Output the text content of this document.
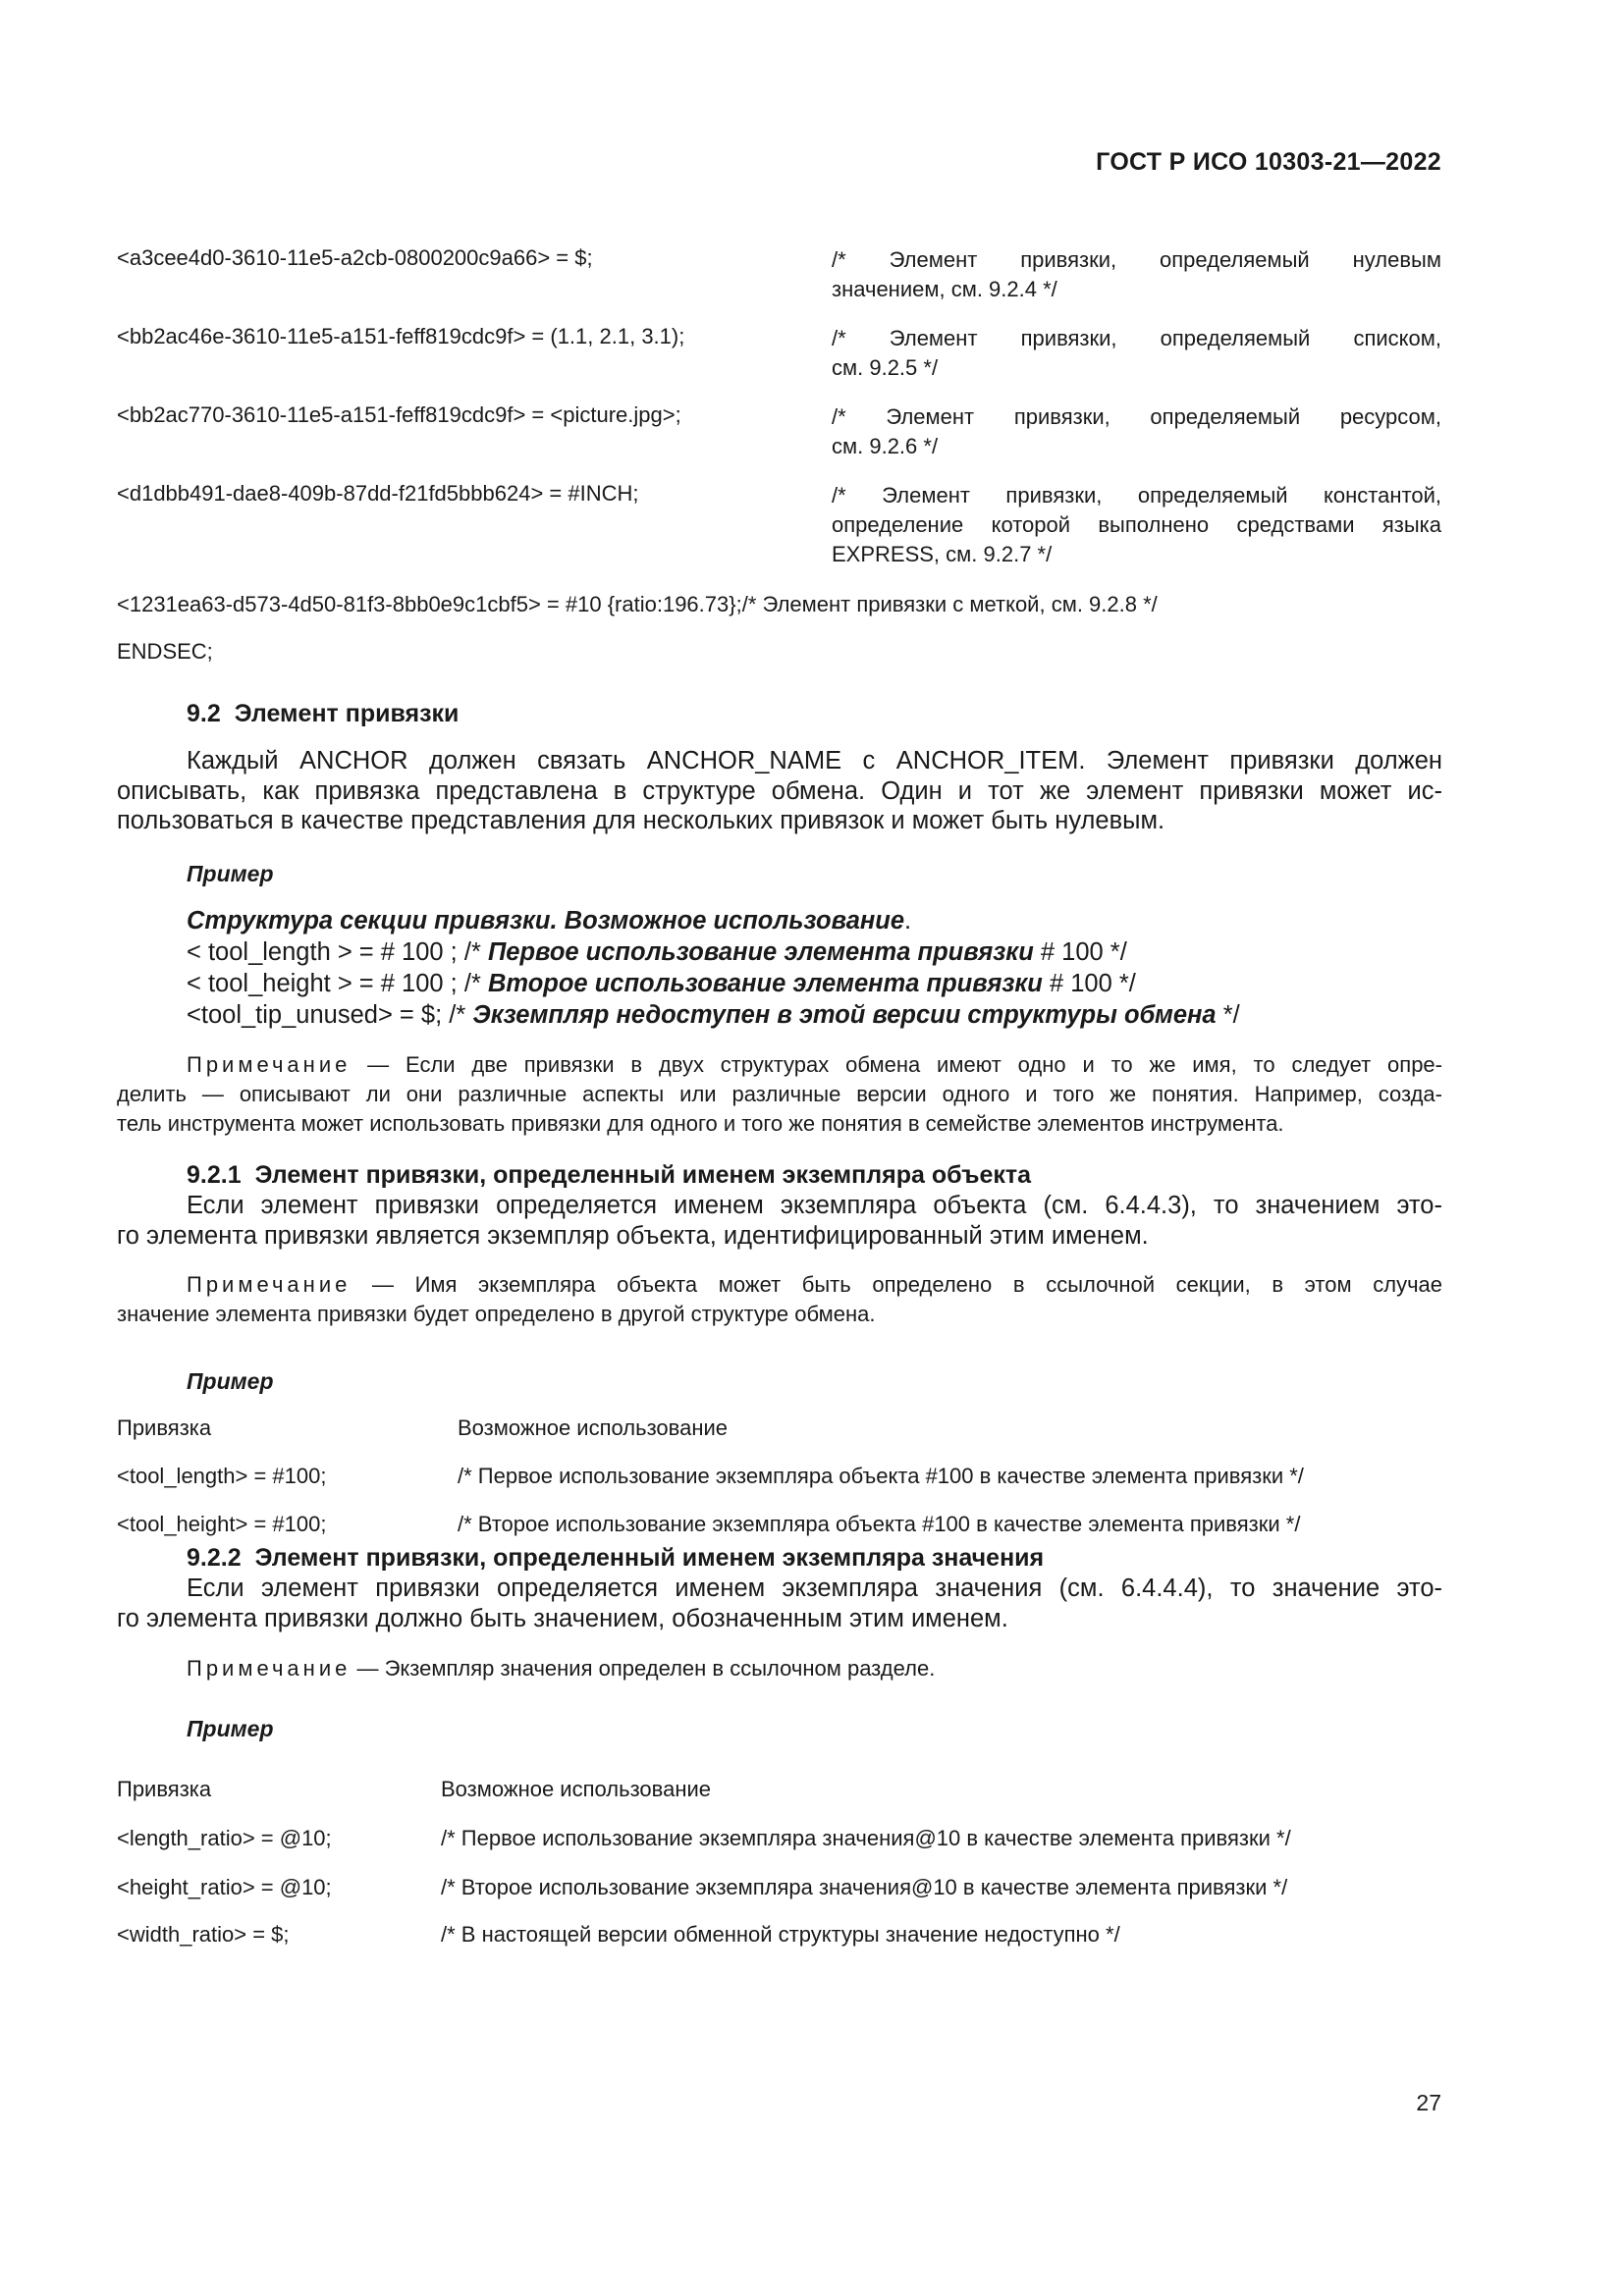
ГОСТ Р ИСО 10303-21—2022
<a3cee4d0-3610-11e5-a2cb-0800200c9a66> = $;	/* Элемент привязки, определяемый нулевым
значением, см. 9.2.4 */
<bb2ac46e-3610-11e5-a151-feff819cdc9f> = (1.1, 2.1, 3.1);	/* Элемент привязки, определяемый списком,
см. 9.2.5 */
<bb2ac770-3610-11e5-a151-feff819cdc9f> = <picture.jpg>;	/* Элемент привязки, определяемый ресурсом,
см. 9.2.6 */
<d1dbb491-dae8-409b-87dd-f21fd5bbb624> = #INCH;	/* Элемент привязки, определяемый константой,
определение которой выполнено средствами языка
EXPRESS, см. 9.2.7 */
<1231ea63-d573-4d50-81f3-8bb0e9c1cbf5> = #10 {ratio:196.73};/* Элемент привязки с меткой, см. 9.2.8 */
ENDSEC;
9.2 Элемент привязки
Каждый ANCHOR должен связать ANCHOR_NAME с ANCHOR_ITEM. Элемент привязки должен
описывать, как привязка представлена в структуре обмена. Один и тот же элемент привязки может ис-
пользоваться в качестве представления для нескольких привязок и может быть нулевым.
Пример
Структура секции привязки. Возможное использование.
< tool_length > = # 100 ; /* Первое использование элемента привязки # 100 */
< tool_height > = # 100 ; /* Второе использование элемента привязки # 100 */
<tool_tip_unused> = $; /* Экземпляр недоступен в этой версии структуры обмена */
Примечание — Если две привязки в двух структурах обмена имеют одно и то же имя, то следует опре-
делить — описывают ли они различные аспекты или различные версии одного и того же понятия. Например, созда-
тель инструмента может использовать привязки для одного и того же понятия в семействе элементов инструмента.
9.2.1 Элемент привязки, определенный именем экземпляра объекта
Если элемент привязки определяется именем экземпляра объекта (см. 6.4.4.3), то значением это-
го элемента привязки является экземпляр объекта, идентифицированный этим именем.
Примечание — Имя экземпляра объекта может быть определено в ссылочной секции, в этом случае
значение элемента привязки будет определено в другой структуре обмена.
Пример
Привязка	Возможное использование
<tool_length> = #100;	/* Первое использование экземпляра объекта #100 в качестве элемента привязки */
<tool_height> = #100;	/* Второе использование экземпляра объекта #100 в качестве элемента привязки */
9.2.2 Элемент привязки, определенный именем экземпляра значения
Если элемент привязки определяется именем экземпляра значения (см. 6.4.4.4), то значение это-
го элемента привязки должно быть значением, обозначенным этим именем.
Примечание — Экземпляр значения определен в ссылочном разделе.
Пример
Привязка	Возможное использование
<length_ratio> = @10;	/* Первое использование экземпляра значения@10 в качестве элемента привязки */
<height_ratio> = @10;	/* Второе использование экземпляра значения@10 в качестве элемента привязки */
<width_ratio> = $;	/* В настоящей версии обменной структуры значение недоступно */
27
